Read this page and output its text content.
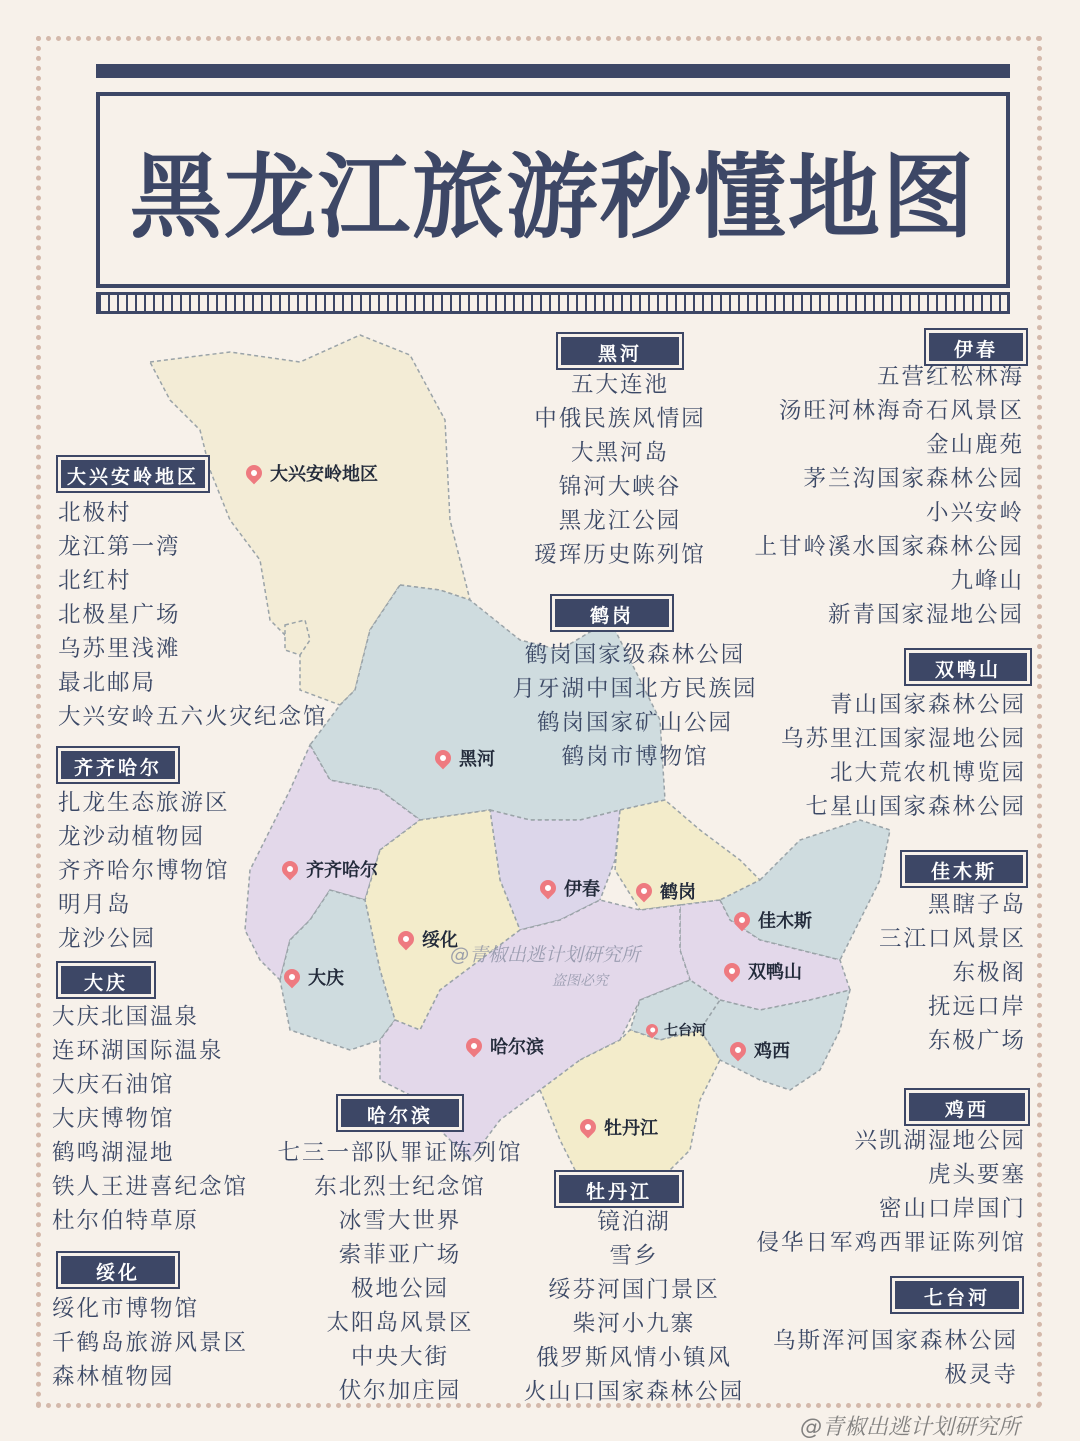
黑龙江旅游秒懂地图
大兴安岭地区
黑河
齐齐哈尔
伊春	鹤岗
佳木斯
绥化
双鸭山
大庆
七台河
哈尔滨	鸡西
牡丹江
大兴安岭地区
北极村
龙江第一湾
北红村
北极星广场
乌苏里浅滩
最北邮局
大兴安岭五六火灾纪念馆
齐齐哈尔
扎龙生态旅游区
龙沙动植物园
齐齐哈尔博物馆
明月岛
龙沙公园
大庆
大庆北国温泉
连环湖国际温泉
大庆石油馆
大庆博物馆
鹤鸣湖湿地
铁人王进喜纪念馆
杜尔伯特草原
绥化
绥化市博物馆
千鹤岛旅游风景区
森林植物园
黑河
五大连池
中俄民族风情园
大黑河岛
锦河大峡谷
黑龙江公园
瑷珲历史陈列馆
鹤岗
鹤岗国家级森林公园
月牙湖中国北方民族园
鹤岗国家矿山公园
鹤岗市博物馆
哈尔滨
七三一部队罪证陈列馆
东北烈士纪念馆
冰雪大世界
索菲亚广场
极地公园
太阳岛风景区
中央大街
伏尔加庄园
牡丹江
镜泊湖
雪乡
绥芬河国门景区
柴河小九寨
俄罗斯风情小镇风
火山口国家森林公园
伊春
五营红松林海
汤旺河林海奇石风景区
金山鹿苑
茅兰沟国家森林公园
小兴安岭
上甘岭溪水国家森林公园
九峰山
新青国家湿地公园
双鸭山
青山国家森林公园
乌苏里江国家湿地公园
北大荒农机博览园
七星山国家森林公园
佳木斯
黑瞎子岛
三江口风景区
东极阁
抚远口岸
东极广场
鸡西
兴凯湖湿地公园
虎头要塞
密山口岸国门
侵华日军鸡西罪证陈列馆
七台河
乌斯浑河国家森林公园
极灵寺
@青椒出逃计划研究所
盗图必究
@青椒出逃计划研究所
